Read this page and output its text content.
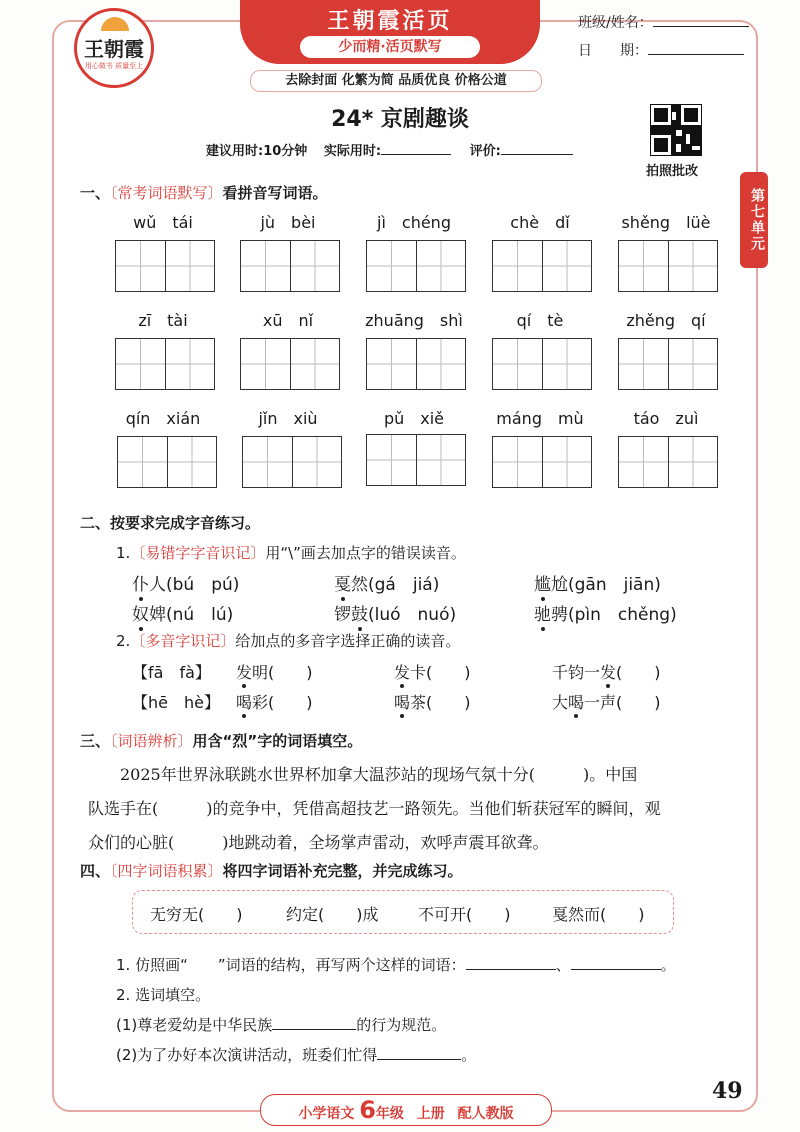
王朝霞活页
少而精·活页默写
王朝霞
用心做书 质量至上
去除封面 化繁为简 品质优良 价格公道
班级/姓名：
日　　期：
24* 京剧趣谈
建议用时:10分钟 实际用时:	评价:
拍照批改
第七单元
一、〔常考词语默写〕看拼音写词语。
wǔ　tái	jù　bèi	jì　chéng	chè　dǐ	shěng　lüè
zī　tài	xū　nǐ	zhuāng　shì	qí　tè	zhěng　qí
qín　xián	jǐn　xiù	pǔ　xiě	máng　mù	táo　zuì
二、按要求完成字音练习。
1.〔易错字字音识记〕用“\”画去加点字的错误读音。
仆人(bú　pú)	戛然(gá　jiá)	尴尬(gān　jiān)
奴婢(nú　lú)	锣鼓(luó　nuó)	驰骋(pìn　chěng)
2.〔多音字识记〕给加点的多音字选择正确的读音。
【fā　fà】 发明(　　)	发卡(　　)	千钧一发(　　)
【hē　hè】 喝彩(　　)	喝茶(　　)	大喝一声(　　)
三、〔词语辨析〕用含“烈”字的词语填空。
　　2025年世界泳联跳水世界杯加拿大温莎站的现场气氛十分(　　　)。中国
队选手在(　　　)的竞争中，凭借高超技艺一路领先。当他们斩获冠军的瞬间，观
众们的心脏(　　　)地跳动着，全场掌声雷动，欢呼声震耳欲聋。
四、〔四字词语积累〕将四字词语补充完整，并完成练习。
无穷无(　　)	约定(　　)成 不可开(　　)	戛然而(　　)
1. 仿照画“　　”词语的结构，再写两个这样的词语：	、	。
2. 选词填空。
(1)尊老爱幼是中华民族	的行为规范。
(2)为了办好本次演讲活动，班委们忙得	。
小学语文 6年级 上册 配人教版
49
